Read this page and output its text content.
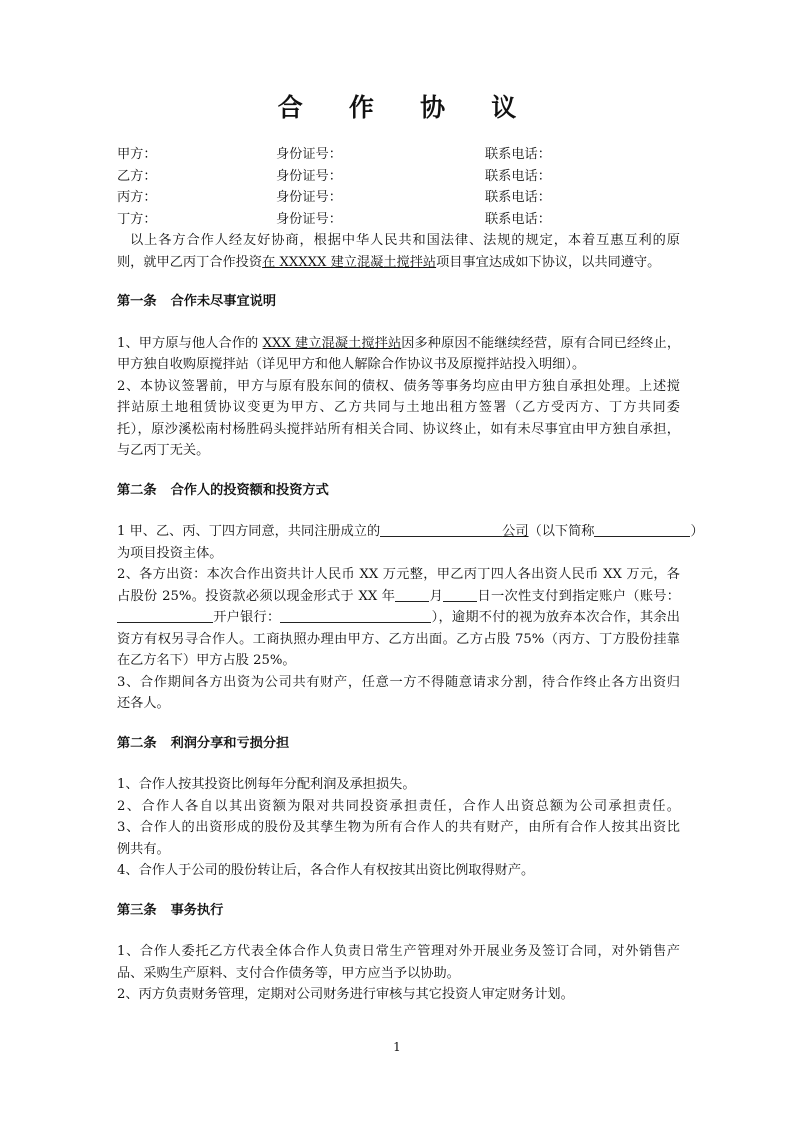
合 作 协 议
甲方：	身份证号：	联系电话：
乙方：	身份证号：	联系电话：
丙方：	身份证号：	联系电话：
丁方：	身份证号：	联系电话：
以上各方合作人经友好协商，根据中华人民共和国法律、法规的规定，本着互惠互利的原
则，就甲乙丙丁合作投资在 XXXXX 建立混凝土搅拌站项目事宜达成如下协议，以共同遵守。
第一条 合作未尽事宜说明
1、甲方原与他人合作的 XXX 建立混凝土搅拌站因多种原因不能继续经营，原有合同已经终止，
甲方独自收购原搅拌站（详见甲方和他人解除合作协议书及原搅拌站投入明细）。
2、本协议签署前，甲方与原有股东间的债权、债务等事务均应由甲方独自承担处理。上述搅
拌站原土地租赁协议变更为甲方、乙方共同与土地出租方签署（乙方受丙方、丁方共同委
托），原沙溪松南村杨胜码头搅拌站所有相关合同、协议终止，如有未尽事宜由甲方独自承担，
与乙丙丁无关。
第二条 合作人的投资额和投资方式
1 甲、乙、丙、丁四方同意，共同注册成立的	公司（以下简称	）
为项目投资主体。
2、各方出资：本次合作出资共计人民币 XX 万元整，甲乙丙丁四人各出资人民币 XX 万元，各
占股份 25%。投资款必须以现金形式于 XX 年	月	日一次性支付到指定账户（账号：
开户银行：	），逾期不付的视为放弃本次合作，其余出
资方有权另寻合作人。工商执照办理由甲方、乙方出面。乙方占股 75%（丙方、丁方股份挂靠
在乙方名下）甲方占股 25%。
3、合作期间各方出资为公司共有财产，任意一方不得随意请求分割，待合作终止各方出资归
还各人。
第二条 利润分享和亏损分担
1、合作人按其投资比例每年分配利润及承担损失。
2、合作人各自以其出资额为限对共同投资承担责任，合作人出资总额为公司承担责任。
3、合作人的出资形成的股份及其孳生物为所有合作人的共有财产，由所有合作人按其出资比
例共有。
4、合作人于公司的股份转让后，各合作人有权按其出资比例取得财产。
第三条 事务执行
1、合作人委托乙方代表全体合作人负责日常生产管理对外开展业务及签订合同，对外销售产
品、采购生产原料、支付合作债务等，甲方应当予以协助。
2、丙方负责财务管理，定期对公司财务进行审核与其它投资人审定财务计划。
1
